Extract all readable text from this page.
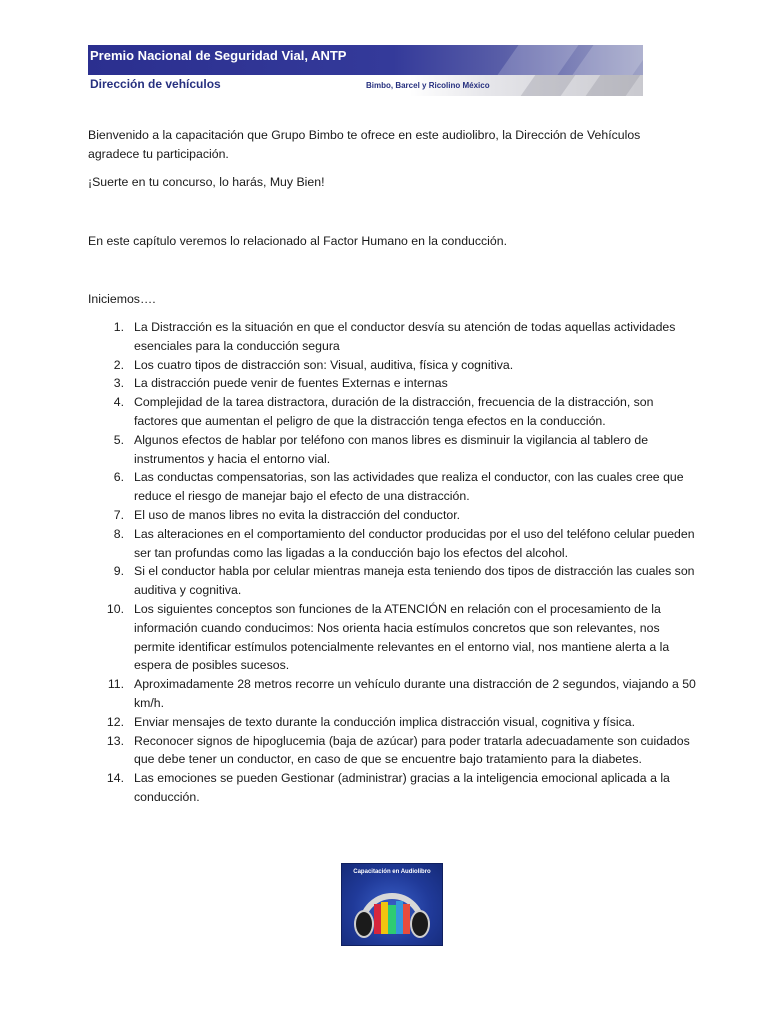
Premio Nacional de Seguridad Vial, ANTP
Dirección de vehículos	Bimbo, Barcel y Ricolino México
Bienvenido a la capacitación que Grupo Bimbo te ofrece en este audiolibro, la Dirección de Vehículos agradece tu participación.
¡Suerte en tu concurso, lo harás, Muy Bien!
En este capítulo veremos lo relacionado al Factor Humano en la conducción.
Iniciemos….
1. La Distracción es la situación en que el conductor desvía su atención de todas aquellas actividades esenciales para la conducción segura
2. Los cuatro tipos de distracción son: Visual, auditiva, física y cognitiva.
3. La distracción puede venir de fuentes Externas e internas
4. Complejidad de la tarea distractora, duración de la distracción, frecuencia de la distracción, son factores que aumentan el peligro de que la distracción tenga efectos en la conducción.
5. Algunos efectos de hablar por teléfono con manos libres es disminuir la vigilancia al tablero de instrumentos y hacia el entorno vial.
6. Las conductas compensatorias, son las actividades que realiza el conductor, con las cuales cree que reduce el riesgo de manejar bajo el efecto de una distracción.
7. El uso de manos libres no evita la distracción del conductor.
8. Las alteraciones en el comportamiento del conductor producidas por el uso del teléfono celular pueden ser tan profundas como las ligadas a la conducción bajo los efectos del alcohol.
9. Si el conductor habla por celular mientras maneja esta teniendo dos tipos de distracción las cuales son auditiva y cognitiva.
10. Los siguientes conceptos son funciones de la ATENCIÓN en relación con el procesamiento de la información cuando conducimos: Nos orienta hacia estímulos concretos que son relevantes, nos permite identificar estímulos potencialmente relevantes en el entorno vial, nos mantiene alerta a la espera de posibles sucesos.
11. Aproximadamente 28 metros recorre un vehículo durante una distracción de 2 segundos, viajando a 50 km/h.
12. Enviar mensajes de texto durante la conducción implica distracción visual, cognitiva y física.
13. Reconocer signos de hipoglucemia (baja de azúcar) para poder tratarla adecuadamente son cuidados que debe tener un conductor, en caso de que se encuentre bajo tratamiento para la diabetes.
14. Las emociones se pueden Gestionar (administrar) gracias a la inteligencia emocional aplicada a la conducción.
Capacitación en Audiolibro
